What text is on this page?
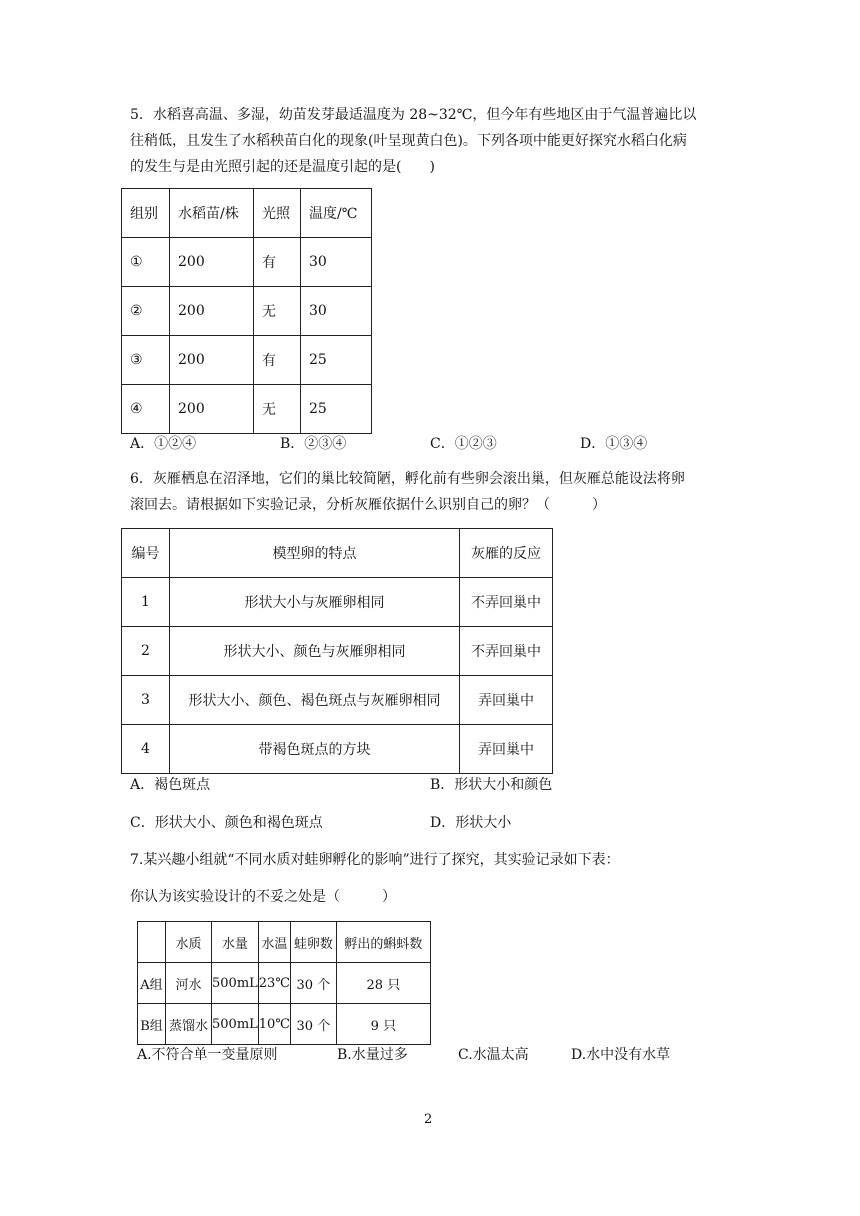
5．水稻喜高温、多湿，幼苗发芽最适温度为 28~32℃，但今年有些地区由于气温普遍比以
往稍低，且发生了水稻秧苗白化的现象(叶呈现黄白色)。下列各项中能更好探究水稻白化病
的发生与是由光照引起的还是温度引起的是(　　)
组别	水稻苗/株	光照	温度/℃
①	200	有	30
②	200	无	30
③	200	有	25
④	200	无	25
A．①②④	B．②③④	C．①②③	D．①③④
6．灰雁栖息在沼泽地，它们的巢比较简陋，孵化前有些卵会滚出巢，但灰雁总能设法将卵
滚回去。请根据如下实验记录，分析灰雁依据什么识别自己的卵？（　　　）
编号	模型卵的特点	灰雁的反应
1	形状大小与灰雁卵相同	不弄回巢中
2	形状大小、颜色与灰雁卵相同	不弄回巢中
3	形状大小、颜色、褐色斑点与灰雁卵相同	弄回巢中
4	带褐色斑点的方块	弄回巢中
A．褐色斑点	B．形状大小和颜色
C．形状大小、颜色和褐色斑点	D．形状大小
7.某兴趣小组就“不同水质对蛙卵孵化的影响”进行了探究，其实验记录如下表：
你认为该实验设计的不妥之处是（　　　）
	水质	水量	水温	蛙卵数	孵出的蝌蚪数
A组	河水	500mL	23℃	30 个	28 只
B组	蒸馏水	500mL	10℃	30 个	9 只
A.不符合单一变量原则	B.水量过多	C.水温太高	D.水中没有水草
2
